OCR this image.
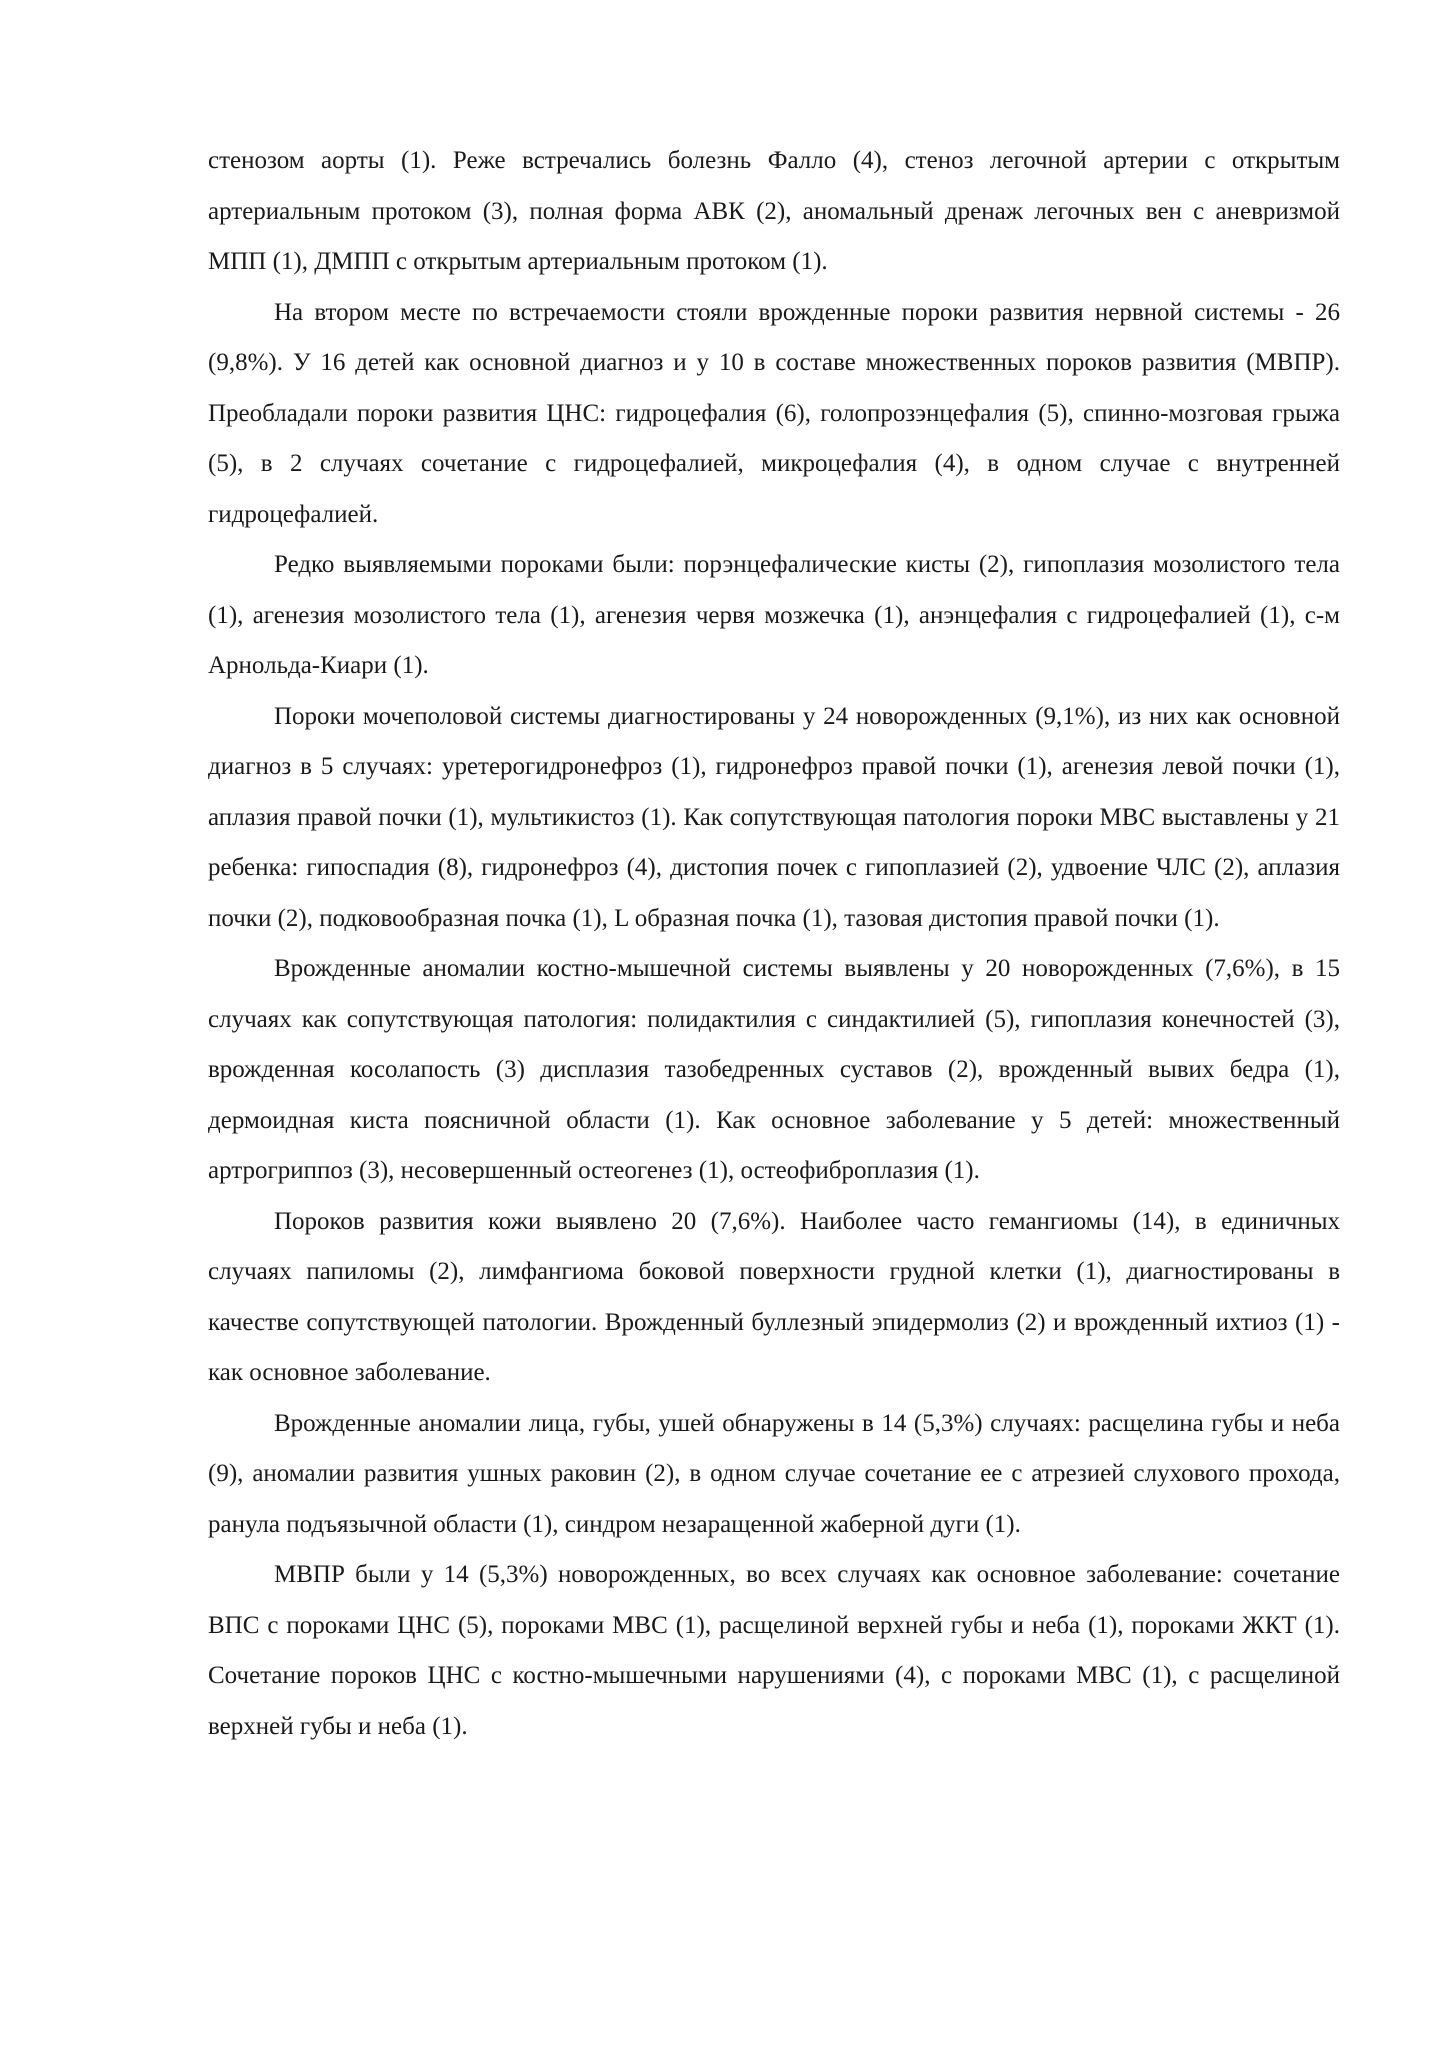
стенозом аорты (1). Реже встречались болезнь Фалло (4), стеноз легочной артерии с открытым артериальным протоком (3), полная форма АВК (2), аномальный дренаж легочных вен с аневризмой МПП (1), ДМПП с открытым артериальным протоком (1).

На втором месте по встречаемости стояли врожденные пороки развития нервной системы - 26 (9,8%). У 16 детей как основной диагноз и у 10 в составе множественных пороков развития (МВПР). Преобладали пороки развития ЦНС: гидроцефалия (6), голопрозэнцефалия (5), спинно-мозговая грыжа (5), в 2 случаях сочетание с гидроцефалией, микроцефалия (4), в одном случае с внутренней гидроцефалией.

Редко выявляемыми пороками были: порэнцефалические кисты (2), гипоплазия мозолистого тела (1), агенезия мозолистого тела (1), агенезия червя мозжечка (1), анэнцефалия с гидроцефалией (1), с-м Арнольда-Киари (1).

Пороки мочеполовой системы диагностированы у 24 новорожденных (9,1%), из них как основной диагноз в 5 случаях: уретерогидронефроз (1), гидронефроз правой почки (1), агенезия левой почки (1), аплазия правой почки (1), мультикистоз (1). Как сопутствующая патология пороки МВС выставлены у 21 ребенка: гипоспадия (8), гидронефроз (4), дистопия почек с гипоплазией (2), удвоение ЧЛС (2), аплазия почки (2), подковообразная почка (1), L образная почка (1), тазовая дистопия правой почки (1).

Врожденные аномалии костно-мышечной системы выявлены у 20 новорожденных (7,6%), в 15 случаях как сопутствующая патология: полидактилия с синдактилией (5), гипоплазия конечностей (3), врожденная косолапость (3) дисплазия тазобедренных суставов (2), врожденный вывих бедра (1), дермоидная киста поясничной области (1). Как основное заболевание у 5 детей: множественный артрогриппоз (3), несовершенный остеогенез (1), остеофиброплазия (1).

Пороков развития кожи выявлено 20 (7,6%). Наиболее часто гемангиомы (14), в единичных случаях папиломы (2), лимфангиома боковой поверхности грудной клетки (1), диагностированы в качестве сопутствующей патологии. Врожденный буллезный эпидермолиз (2) и врожденный ихтиоз (1) - как основное заболевание.

Врожденные аномалии лица, губы, ушей обнаружены в 14 (5,3%) случаях: расщелина губы и неба (9), аномалии развития ушных раковин (2), в одном случае сочетание ее с атрезией слухового прохода, ранула подъязычной области (1), синдром незаращенной жаберной дуги (1).

МВПР были у 14 (5,3%) новорожденных, во всех случаях как основное заболевание: сочетание ВПС с пороками ЦНС (5), пороками МВС (1), расщелиной верхней губы и неба (1), пороками ЖКТ (1). Сочетание пороков ЦНС с костно-мышечными нарушениями (4), с пороками МВС (1), с расщелиной верхней губы и неба (1).
